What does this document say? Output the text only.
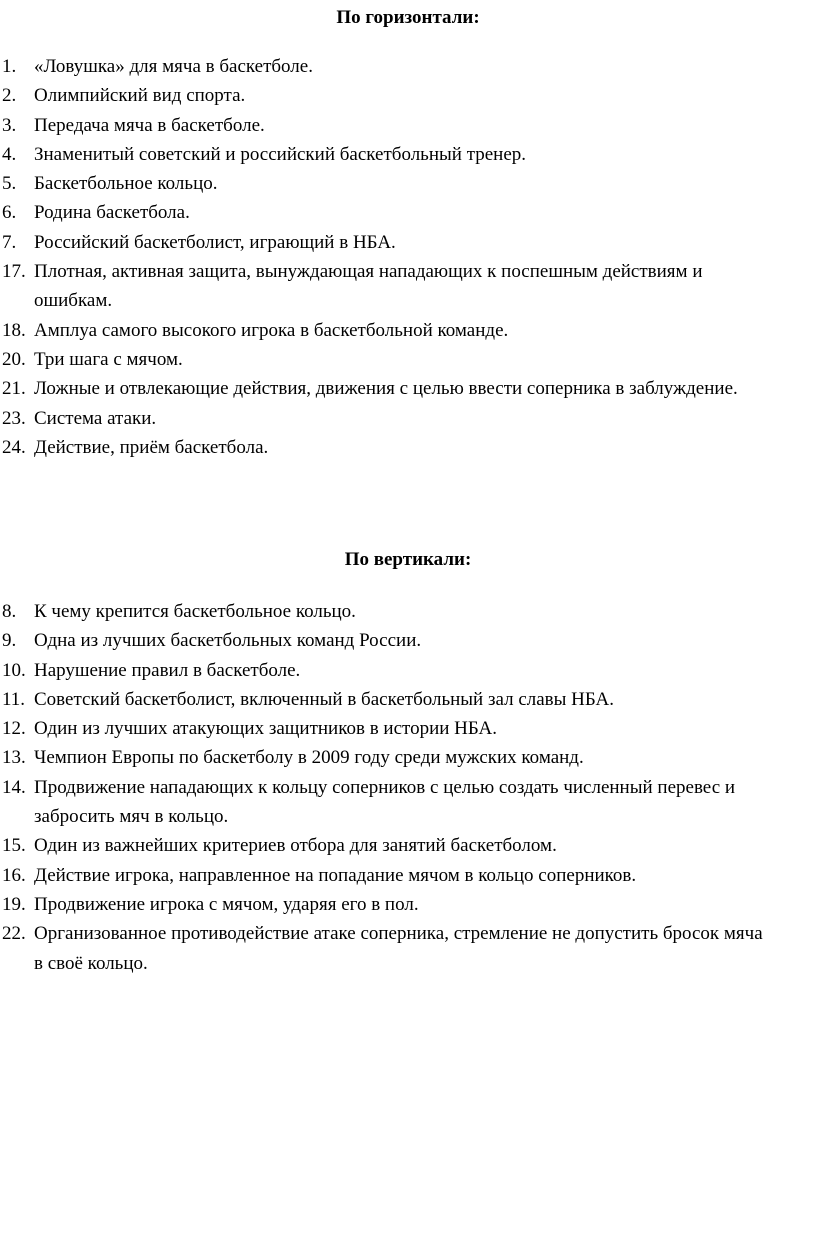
По горизонтали:
1. «Ловушка» для мяча в баскетболе.
2. Олимпийский вид спорта.
3. Передача мяча в баскетболе.
4. Знаменитый советский и российский баскетбольный тренер.
5. Баскетбольное кольцо.
6. Родина баскетбола.
7. Российский баскетболист, играющий в НБА.
17. Плотная, активная защита, вынуждающая нападающих к поспешным действиям и ошибкам.
18. Амплуа самого высокого игрока в баскетбольной команде.
20. Три шага с мячом.
21. Ложные и отвлекающие действия, движения с целью ввести соперника в заблуждение.
23. Система атаки.
24. Действие, приём баскетбола.
По вертикали:
8. К чему крепится баскетбольное кольцо.
9. Одна из лучших баскетбольных команд России.
10. Нарушение правил в баскетболе.
11. Советский баскетболист, включенный в баскетбольный зал славы НБА.
12. Один из лучших атакующих защитников в истории НБА.
13. Чемпион Европы по баскетболу в 2009 году среди мужских команд.
14. Продвижение нападающих к кольцу соперников с целью создать численный перевес и забросить мяч в кольцо.
15. Один из важнейших критериев отбора для занятий баскетболом.
16. Действие игрока, направленное на попадание мячом в кольцо соперников.
19. Продвижение игрока с мячом, ударяя его в пол.
22. Организованное противодействие атаке соперника, стремление не допустить бросок мяча в своё кольцо.
